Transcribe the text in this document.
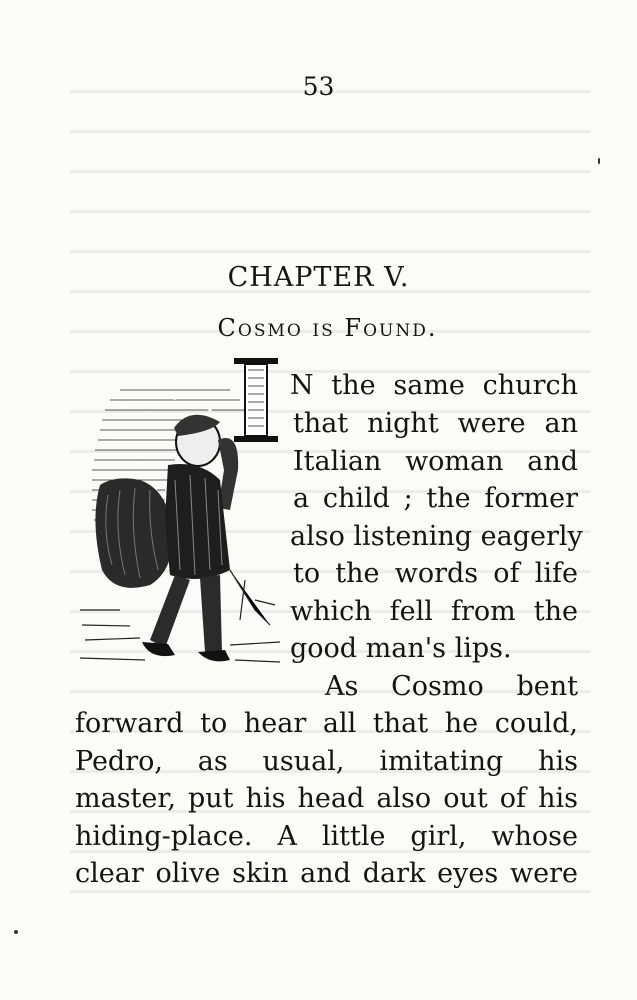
53
CHAPTER V.
Cosmo is Found.
N the same church
that night were an
Italian woman and
a child ; the former
also listening eagerly
to the words of life
which fell from the
good man's lips.
As Cosmo bent
forward to hear all that he could,
Pedro, as usual, imitating his
master, put his head also out of his
hiding-place. A little girl, whose
clear olive skin and dark eyes were
